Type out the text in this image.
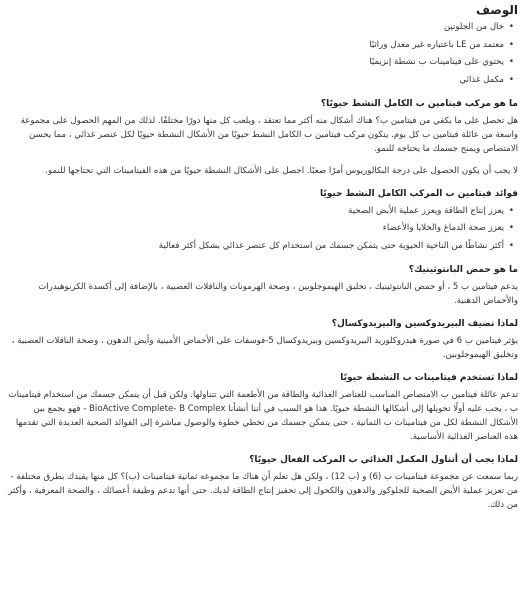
الوصف
• خال من الجلوتين
• معتمد من LE باعتباره غير معدل وراثيًا
• يحتوي على فيتامينات ب نشطة إنزيميًا
• مكمل غذائي
ما هو مركب فيتامين ب الكامل النشط حيويًا؟

هل تحصل على ما يكفي من فيتامين ب؟ هناك أشكال منه أكثر مما تعتقد ، ويلعب كل منها دورًا مختلفًا. لذلك من المهم الحصول على مجموعة واسعة من عائلة فيتامين ب كل يوم. يتكون مركب فيتامين ب الكامل النشط حيويًا من الأشكال النشطة حيويًا لكل عنصر غذائي ، مما يحسن الامتصاص ويمنح جسمك ما يحتاجه للنمو.

لا يجب أن يكون الحصول على درجة البكالوريوس أمرًا صعبًا. احصل على الأشكال النشطة حيويًا من هذه الفيتامينات التي تحتاجها للنمو.

فوائد فيتامين ب المركب الكامل النشط حيويًا
• يعزز إنتاج الطاقة ويعزز عملية الأيض الصحية
• يعزز صحة الدماغ والخلايا والأعضاء
• أكثر نشاطًا من الناحية الحيوية حتى يتمكن جسمك من استخدام كل عنصر غذائي بشكل أكثر فعالية
ما هو حمض البانتوثينيك؟

يدعم فيتامين ب 5 ، أو حمض البانتوثينيك ، تخليق الهيموجلوبين ، وصحة الهرمونات والناقلات العصبية ، بالإضافة إلى أكسدة الكربوهيدرات والأحماض الدهنية.

لماذا نضيف البيريدوكسين والبيريدوكسال؟

يؤثر فيتامين ب 6 في صورة هيدروكلوريد البيريدوكسين وبيريدوكسال 5-فوسفات على الأحماض الأمينية وأيض الدهون ، وصحة الناقلات العصبية ، وتخليق الهيموجلوبين.

لماذا تستخدم فيتامينات ب النشطة حيويًا

تدعم عائلة فيتامين ب الامتصاص المناسب للعناصر الغذائية والطاقة من الأطعمة التي تتناولها. ولكن قبل أن يتمكن جسمك من استخدام فيتامينات ب ، يجب عليه أولًا تحويلها إلى أشكالها النشطة حيويًا. هذا هو السبب في أننا أنشأنا BioActive Complete- B Complex - فهو يجمع بين الأشكال النشطة لكل من فيتامينات ب الثمانية ، حتى يتمكن جسمك من تخطي خطوة والوصول مباشرة إلى الفوائد الصحية العديدة التي تقدمها هذه العناصر الغذائية الأساسية.

لماذا يجب أن أتناول المكمل الغذائي ب المركب الفعال حيويًا؟

ربما سمعت عن مجموعة فيتامينات ب (6) و (ب 12) ، ولكن هل تعلم أن هناك ما مجموعه ثمانية فيتامينات (ب)؟ كل منها يفيدك بطرق مختلفة - من تعزيز عملية الأيض الصحية للجلوكوز والدهون والكحول إلى تحفيز إنتاج الطاقة لديك. حتى أنها تدعم وظيفة أعضائك ، والصحة المعرفية ، وأكثر من ذلك.
